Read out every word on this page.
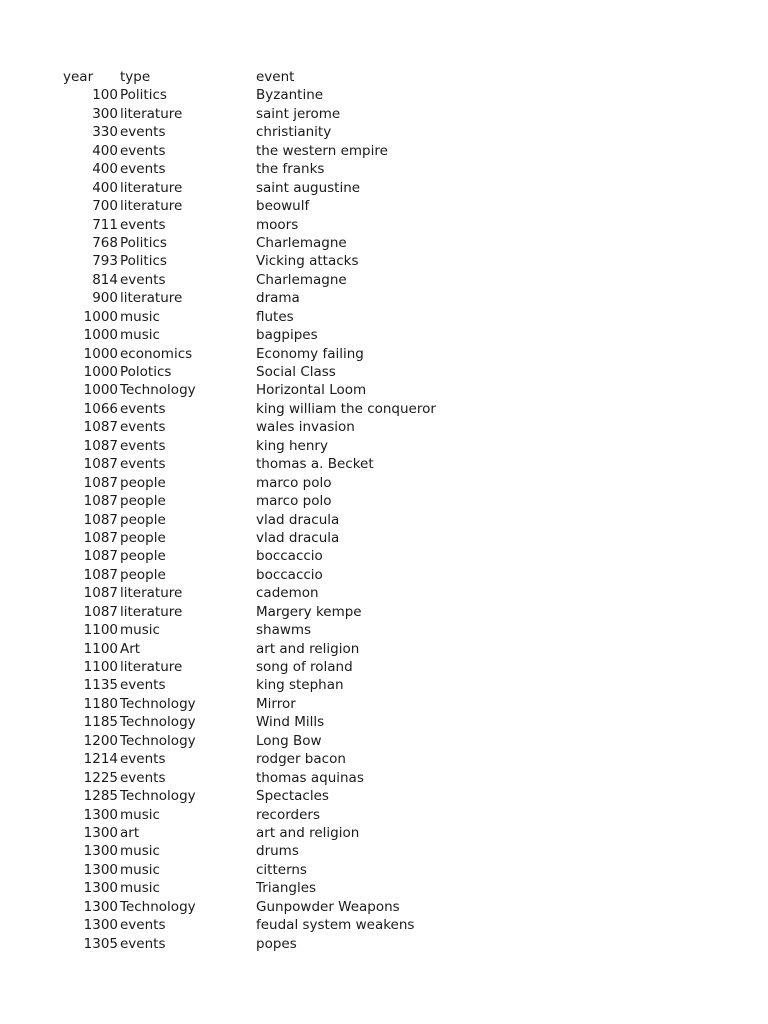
year type	event
100 Politics	Byzantine
300 literature	saint jerome
330 events	christianity
400 events	the western empire
400 events	the franks
400 literature	saint augustine
700 literature	beowulf
711 events	moors
768 Politics	Charlemagne
793 Politics	Vicking attacks
814 events	Charlemagne
900 literature	drama
1000 music	flutes
1000 music	bagpipes
1000 economics	Economy failing
1000 Polotics	Social Class
1000 Technology	Horizontal Loom
1066 events	king william the conqueror
1087 events	wales invasion
1087 events	king henry
1087 events	thomas a. Becket
1087 people	marco polo
1087 people	marco polo
1087 people	vlad dracula
1087 people	vlad dracula
1087 people	boccaccio
1087 people	boccaccio
1087 literature	cademon
1087 literature	Margery kempe
1100 music	shawms
1100 Art	art and religion
1100 literature	song of roland
1135 events	king stephan
1180 Technology	Mirror
1185 Technology	Wind Mills
1200 Technology	Long Bow
1214 events	rodger bacon
1225 events	thomas aquinas
1285 Technology	Spectacles
1300 music	recorders
1300 art	art and religion
1300 music	drums
1300 music	citterns
1300 music	Triangles
1300 Technology	Gunpowder Weapons
1300 events	feudal system weakens
1305 events	popes
